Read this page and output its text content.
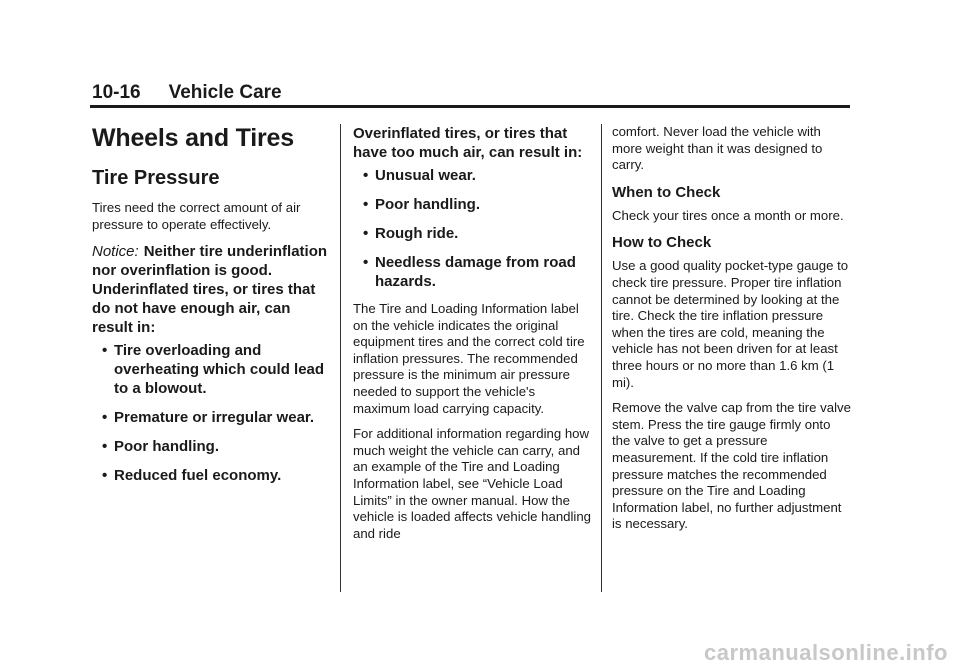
10-16 Vehicle Care
Wheels and Tires
Tire Pressure

Tires need the correct amount of air pressure to operate effectively.

Notice: Neither tire underinflation nor overinflation is good. Underinflated tires, or tires that do not have enough air, can result in:
• Tire overloading and overheating which could lead to a blowout.
• Premature or irregular wear.
• Poor handling.
• Reduced fuel economy.
Overinflated tires, or tires that have too much air, can result in:
• Unusual wear.
• Poor handling.
• Rough ride.
• Needless damage from road hazards.

The Tire and Loading Information label on the vehicle indicates the original equipment tires and the correct cold tire inflation pressures. The recommended pressure is the minimum air pressure needed to support the vehicle's maximum load carrying capacity.

For additional information regarding how much weight the vehicle can carry, and an example of the Tire and Loading Information label, see “Vehicle Load Limits” in the owner manual. How the vehicle is loaded affects vehicle handling and ride

comfort. Never load the vehicle with more weight than it was designed to carry.

When to Check

Check your tires once a month or more.

How to Check

Use a good quality pocket-type gauge to check tire pressure. Proper tire inflation cannot be determined by looking at the tire. Check the tire inflation pressure when the tires are cold, meaning the vehicle has not been driven for at least three hours or no more than 1.6 km (1 mi).

Remove the valve cap from the tire valve stem. Press the tire gauge firmly onto the valve to get a pressure measurement. If the cold tire inflation pressure matches the recommended pressure on the Tire and Loading Information label, no further adjustment is necessary.

carmanualsonline.info
